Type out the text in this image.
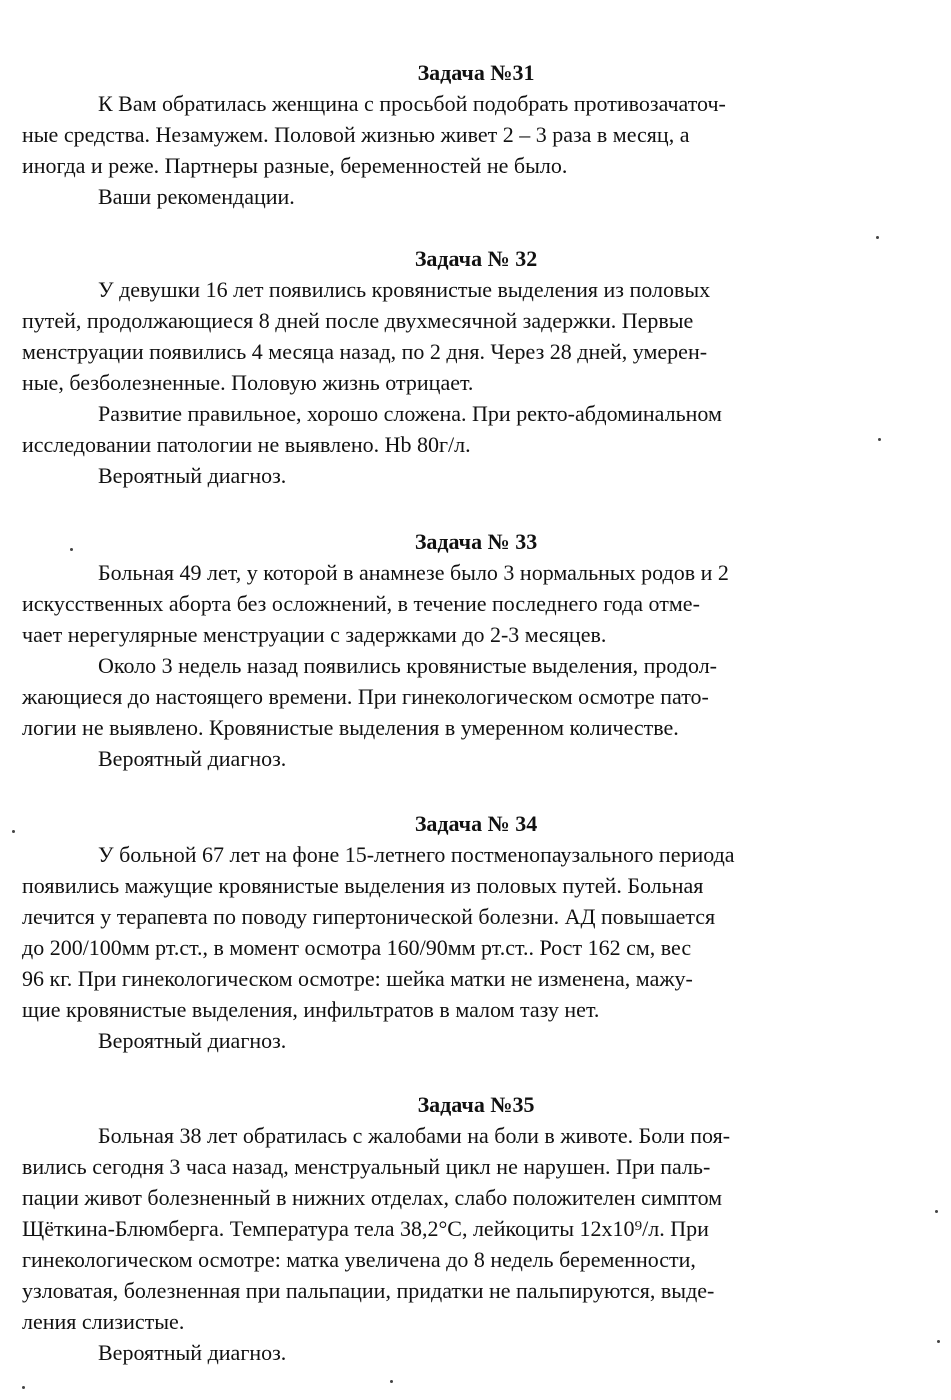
Задача №31

К Вам обратилась женщина с просьбой подобрать противозачаточ-
ные средства. Незамужем. Половой жизнью живет 2 – 3 раза в месяц, а
иногда и реже. Партнеры разные, беременностей не было.

Ваши рекомендации.

Задача № 32

У девушки 16 лет появились кровянистые выделения из половых
путей, продолжающиеся 8 дней после двухмесячной задержки. Первые
менструации появились 4 месяца назад, по 2 дня. Через 28 дней, умерен-
ные, безболезненные. Половую жизнь отрицает.
Развитие правильное, хорошо сложена. При ректо-абдоминальном
исследовании патологии не выявлено. Hb 80г/л.

Вероятный диагноз.

Задача № 33

Больная 49 лет, у которой в анамнезе было 3 нормальных родов и 2
искусственных аборта без осложнений, в течение последнего года отме-
чает нерегулярные менструации с задержками до 2-3 месяцев.
Около 3 недель назад появились кровянистые выделения, продол-
жающиеся до настоящего времени. При гинекологическом осмотре пато-
логии не выявлено. Кровянистые выделения в умеренном количестве.

Вероятный диагноз.

Задача № 34

У больной 67 лет на фоне 15-летнего постменопаузального периода
появились мажущие кровянистые выделения из половых путей. Больная
лечится у терапевта по поводу гипертонической болезни. АД повышается
до 200/100мм рт.ст., в момент осмотра 160/90мм рт.ст.. Рост 162 см, вес
96 кг. При гинекологическом осмотре: шейка матки не изменена, мажу-
щие кровянистые выделения, инфильтратов в малом тазу нет.

Вероятный диагноз.

Задача №35

Больная 38 лет обратилась с жалобами на боли в животе. Боли поя-
вились сегодня 3 часа назад, менструальный цикл не нарушен. При паль-
пации живот болезненный в нижних отделах, слабо положителен симптом
Щёткина-Блюмберга. Температура тела 38,2°С, лейкоциты 12х10⁹/л. При
гинекологическом осмотре: матка увеличена до 8 недель беременности,
узловатая, болезненная при пальпации, придатки не пальпируются, выде-
ления слизистые.

Вероятный диагноз.
